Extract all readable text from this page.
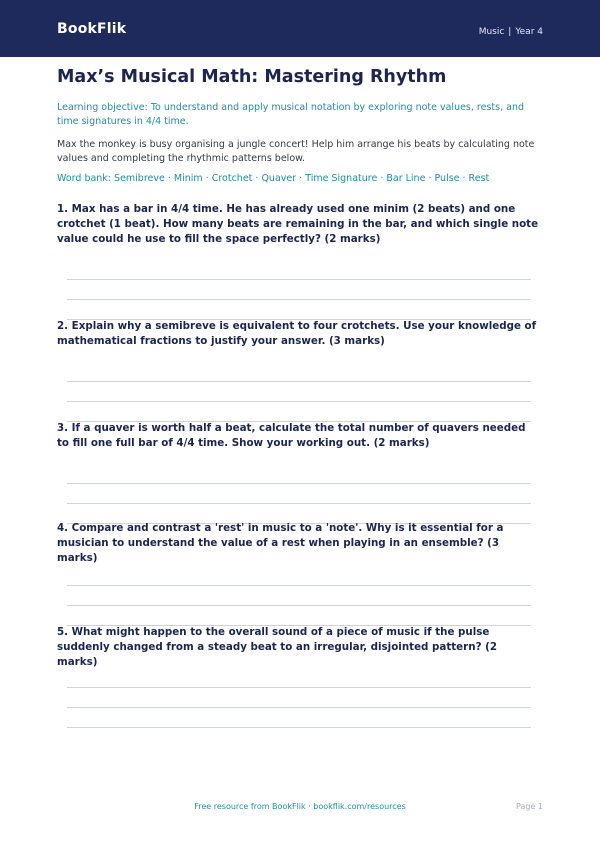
BookFlik	Music | Year 4
Max’s Musical Math: Mastering Rhythm
Learning objective: To understand and apply musical notation by exploring note values, rests, and time signatures in 4/4 time.
Max the monkey is busy organising a jungle concert! Help him arrange his beats by calculating note values and completing the rhythmic patterns below.
Word bank: Semibreve · Minim · Crotchet · Quaver · Time Signature · Bar Line · Pulse · Rest
1. Max has a bar in 4/4 time. He has already used one minim (2 beats) and one crotchet (1 beat). How many beats are remaining in the bar, and which single note value could he use to fill the space perfectly? (2 marks)
2. Explain why a semibreve is equivalent to four crotchets. Use your knowledge of mathematical fractions to justify your answer. (3 marks)
3. If a quaver is worth half a beat, calculate the total number of quavers needed to fill one full bar of 4/4 time. Show your working out. (2 marks)
4. Compare and contrast a 'rest' in music to a 'note'. Why is it essential for a musician to understand the value of a rest when playing in an ensemble? (3 marks)
5. What might happen to the overall sound of a piece of music if the pulse suddenly changed from a steady beat to an irregular, disjointed pattern? (2 marks)
Free resource from BookFlik · bookflik.com/resources	Page 1
